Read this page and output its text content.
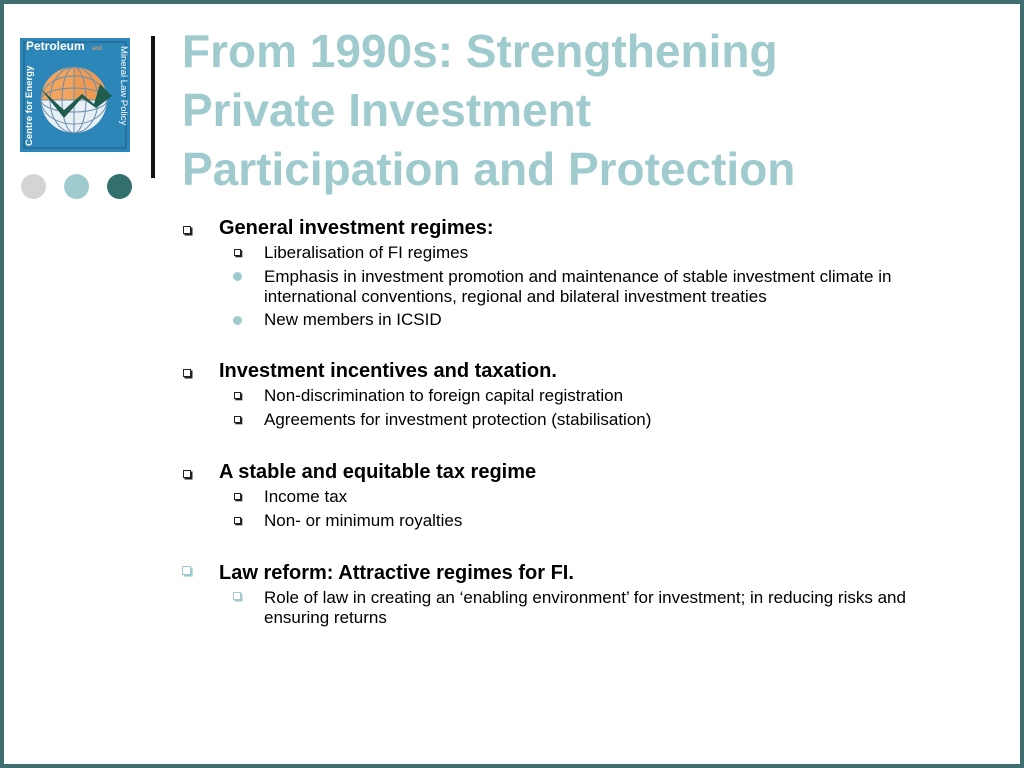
Petroleum and Mineral Law Policy
Centre for Energy
From 1990s: Strengthening
Private Investment
Participation and Protection

General investment regimes:

Liberalisation of FI regimes

Emphasis in investment promotion and maintenance of stable investment climate in international conventions, regional and bilateral investment treaties

New members in ICSID

Investment incentives and taxation.

Non-discrimination to foreign capital registration

Agreements for investment protection (stabilisation)

A stable and equitable tax regime

Income tax

Non- or minimum royalties

Law reform: Attractive regimes for FI.

Role of law in creating an ‘enabling environment’ for investment; in reducing risks and ensuring returns
